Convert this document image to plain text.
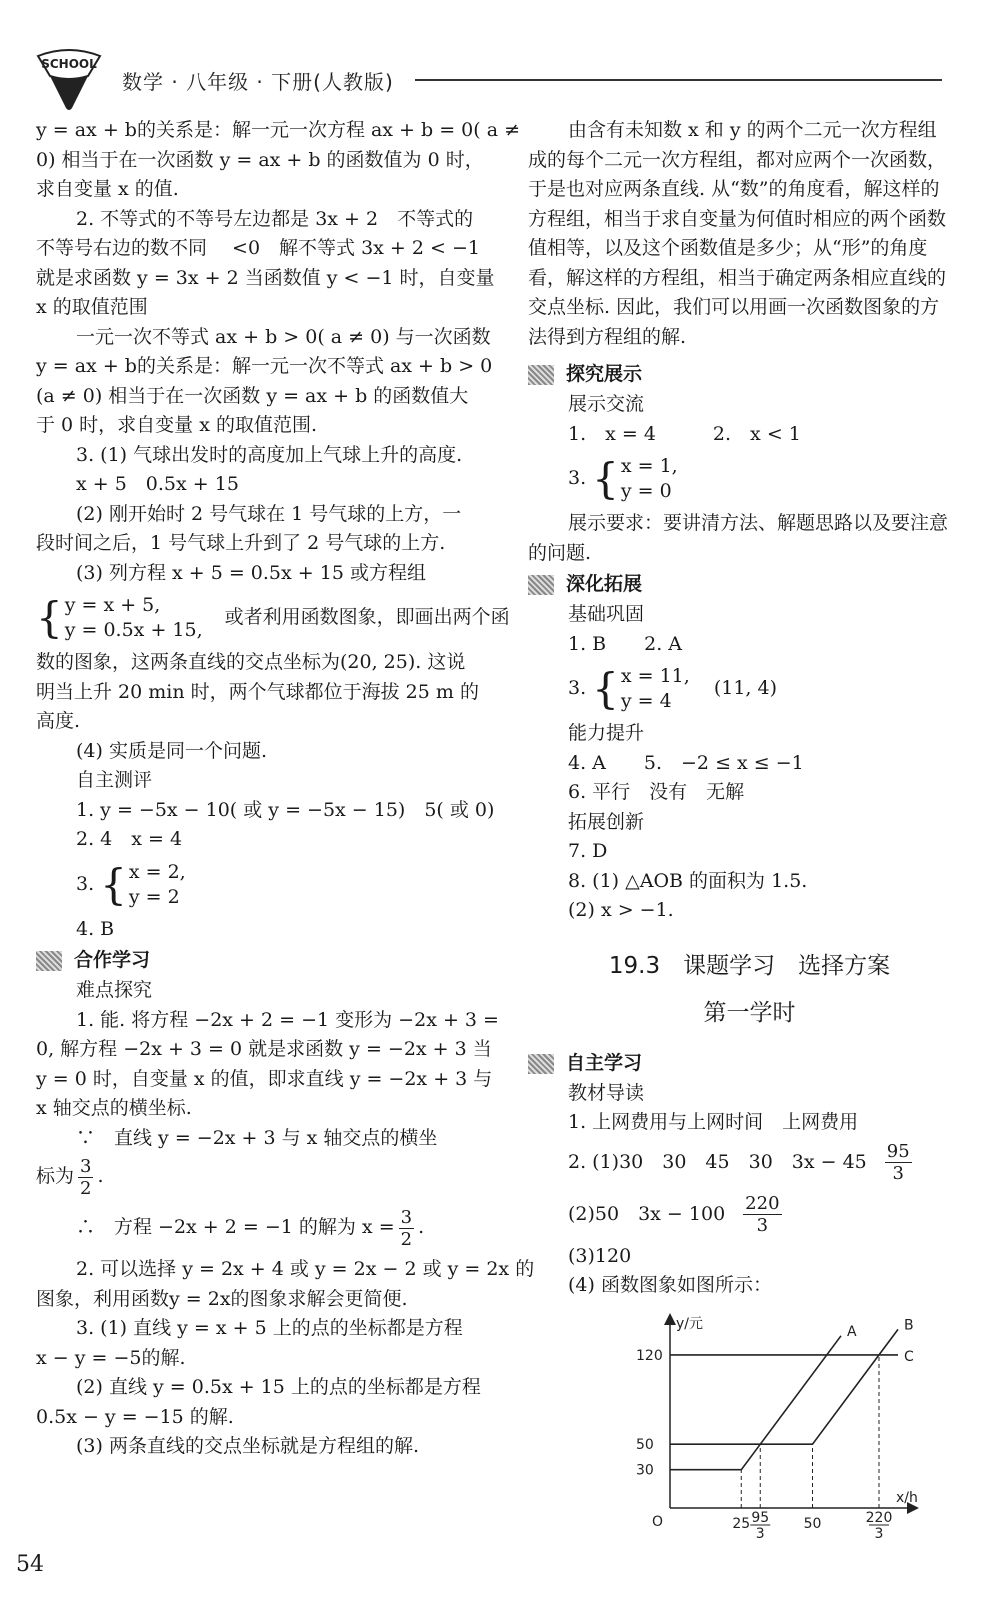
SCHOOL
数学 · 八年级 · 下册(人教版)

y = ax + b的关系是：解一元一次方程 ax + b = 0( a ≠

0) 相当于在一次函数 y = ax + b 的函数值为 0 时，

求自变量 x 的值.

2. 不等式的不等号左边都是 3x + 2　不等式的

不等号右边的数不同　 <0　解不等式 3x + 2 < −1

就是求函数 y = 3x + 2 当函数值 y < −1 时，自变量

x 的取值范围

一元一次不等式 ax + b > 0( a ≠ 0) 与一次函数

y = ax + b的关系是：解一元一次不等式 ax + b > 0

(a ≠ 0) 相当于在一次函数 y = ax + b 的函数值大

于 0 时，求自变量 x 的取值范围.

3. (1) 气球出发时的高度加上气球上升的高度.

x + 5　0.5x + 15

(2) 刚开始时 2 号气球在 1 号气球的上方，一

段时间之后，1 号气球上升到了 2 号气球的上方.

(3) 列方程 x + 5 = 0.5x + 15 或方程组

{ y = x + 5,
y = 0.5x + 15,
或者利用函数图象，即画出两个函

数的图象，这两条直线的交点坐标为(20, 25). 这说

明当上升 20 min 时，两个气球都位于海拔 25 m 的

高度.

(4) 实质是同一个问题.

自主测评

1. y = −5x − 10( 或 y = −5x − 15)　5( 或 0)

2. 4　x = 4

3. { x = 2,
y = 2

4. B

合作学习

难点探究

1. 能. 将方程 −2x + 2 = −1 变形为 −2x + 3 =

0, 解方程 −2x + 3 = 0 就是求函数 y = −2x + 3 当

y = 0 时，自变量 x 的值，即求直线 y = −2x + 3 与

x 轴交点的横坐标.

∵　直线 y = −2x + 3 与 x 轴交点的横坐

标为 $\frac{3}{2}$ .

∴　方程 −2x + 2 = −1 的解为 $x = \frac{3}{2}$ .

2. 可以选择 y = 2x + 4 或 y = 2x − 2 或 y = 2x 的

图象，利用函数y = 2x的图象求解会更简便.

3. (1) 直线 y = x + 5 上的点的坐标都是方程

x − y = −5的解.

(2) 直线 y = 0.5x + 15 上的点的坐标都是方程

0.5x − y = −15 的解.

(3) 两条直线的交点坐标就是方程组的解.

由含有未知数 x 和 y 的两个二元一次方程组

成的每个二元一次方程组，都对应两个一次函数，

于是也对应两条直线. 从“数”的角度看，解这样的

方程组，相当于求自变量为何值时相应的两个函数

值相等，以及这个函数值是多少；从“形”的角度

看，解这样的方程组，相当于确定两条相应直线的

交点坐标. 因此，我们可以用画一次函数图象的方

法得到方程组的解.

探究展示

展示交流

1.　x = 4　　　2.　x < 1

3. { x = 1,
y = 0

展示要求：要讲清方法、解题思路以及要注意

的问题.

深化拓展

基础巩固

1. B　　2. A

3. { x = 11,
y = 4
(11, 4)

能力提升

4. A　　5.　−2 ≤ x ≤ −1

6. 平行　没有　无解

拓展创新

7. D

8. (1) △AOB 的面积为 1.5.

(2) x > −1.

19.3　课题学习　选择方案
第一学时
自主学习

教材导读

1. 上网费用与上网时间　上网费用

2. (1)30　30　45　30　$3x - 45 \frac{95}{3}$

(2)50　$3x - 100 \frac{220}{3}$

(3)120

(4) 函数图象如图所示：

y/元
x/h
O
30
50
120
25 95
3
50	220
3
A	B
C
54
